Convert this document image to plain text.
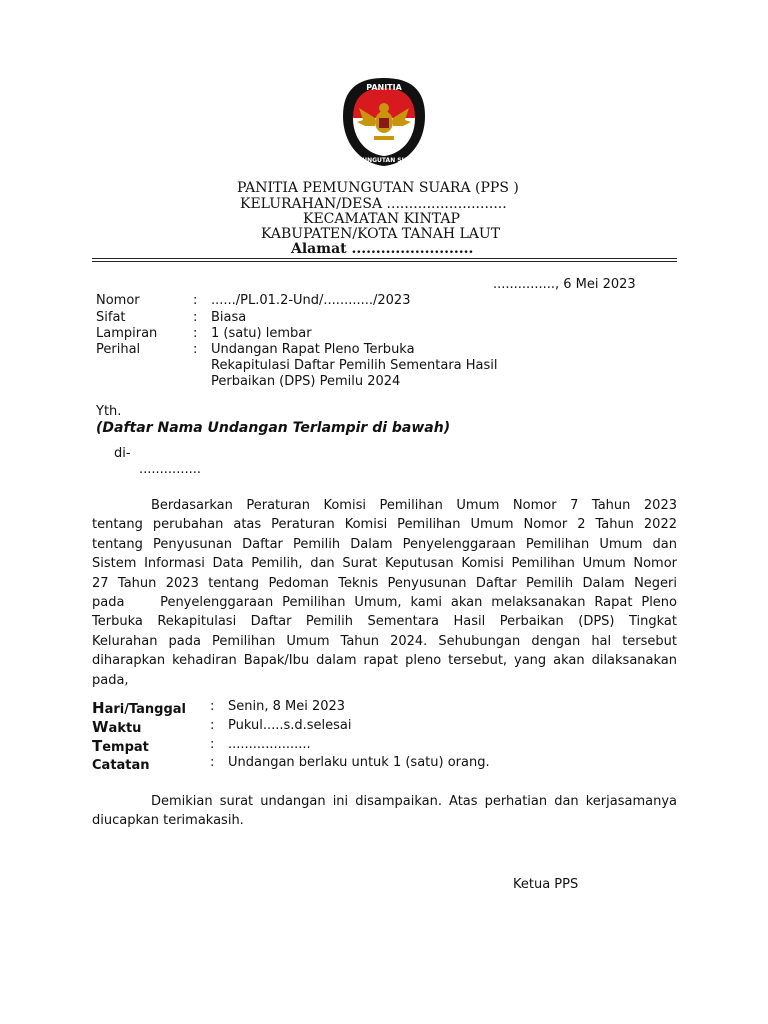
PANITIA
PEMUNGUTAN SUARA
PANITIA PEMUNGUTAN SUARA (PPS )
KELURAHAN/DESA ...........................
KECAMATAN KINTAP
KABUPATEN/KOTA TANAH LAUT
Alamat .........................
..............., 6 Mei 2023
Nomor	: ....../PL.01.2-Und/............/2023
Sifat	: Biasa
Lampiran	: 1 (satu) lembar
Perihal	: Undangan Rapat Pleno Terbuka
Rekapitulasi Daftar Pemilih Sementara Hasil
Perbaikan (DPS) Pemilu 2024
Yth.
(Daftar Nama Undangan Terlampir di bawah)
di-
...............
Berdasarkan Peraturan Komisi Pemilihan Umum Nomor 7 Tahun 2023
tentang perubahan atas Peraturan Komisi Pemilihan Umum Nomor 2 Tahun 2022
tentang Penyusunan Daftar Pemilih Dalam Penyelenggaraan Pemilihan Umum dan
Sistem Informasi Data Pemilih, dan Surat Keputusan Komisi Pemilihan Umum Nomor
27 Tahun 2023 tentang Pedoman Teknis Penyusunan Daftar Pemilih Dalam Negeri
pada    Penyelenggaraan Pemilihan Umum, kami akan melaksanakan Rapat Pleno
Terbuka Rekapitulasi Daftar Pemilih Sementara Hasil Perbaikan (DPS) Tingkat
Kelurahan pada Pemilihan Umum Tahun 2024. Sehubungan dengan hal tersebut
diharapkan kehadiran Bapak/Ibu dalam rapat pleno tersebut, yang akan dilaksanakan
pada,
Hari/Tanggal : Senin, 8 Mei 2023
Waktu	: Pukul.....s.d.selesai
Tempat	: ....................
Catatan	: Undangan berlaku untuk 1 (satu) orang.
Demikian surat undangan ini disampaikan. Atas perhatian dan kerjasamanya
diucapkan terimakasih.
Ketua PPS
